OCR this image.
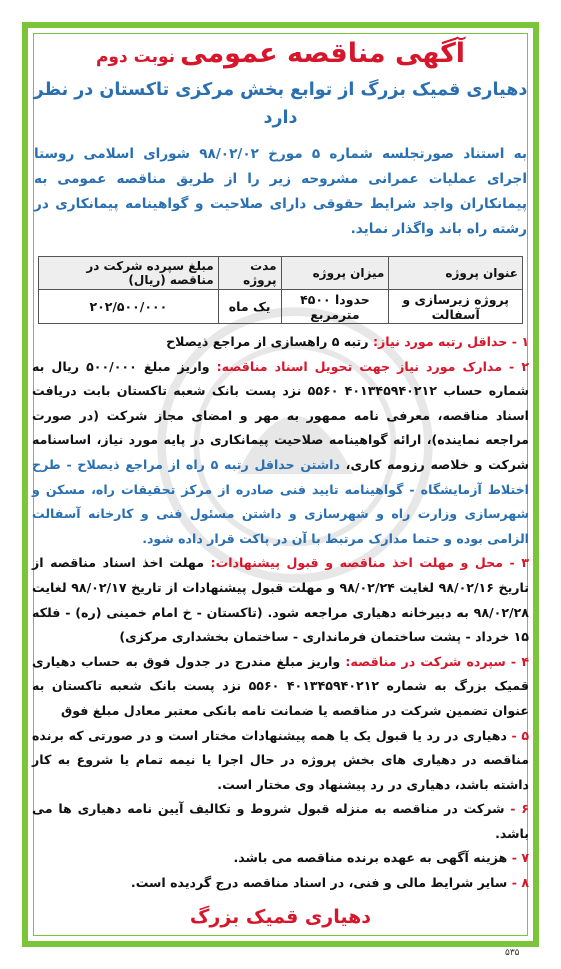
آگهی مناقصه عمومی نوبت دوم
دهیاری قمیک بزرگ از توابع بخش مرکزی تاکستان در نظر دارد
به استناد صورتجلسه شماره ۵ مورخ ۹۸/۰۲/۰۲ شورای اسلامی روستا اجرای عملیات عمرانی مشروحه زیر را از طریق مناقصه عمومی به پیمانکاران واجد شرایط حقوقی دارای صلاحیت و گواهینامه پیمانکاری در رشته راه باند واگذار نماید.
عنوان پروژه	میزان پروژه	مدت پروژه	مبلغ سپرده شرکت در مناقصه (ریال)
پروژه زیرسازی و آسفالت	حدودا ۴۵۰۰ مترمربع	یک ماه	۲۰۲/۵۰۰/۰۰۰

۱ - حداقل رتبه مورد نیاز: رتبه ۵ راهسازی از مراجع ذیصلاح

۲ - مدارک مورد نیاز جهت تحویل اسناد مناقصه: واریز مبلغ ۵۰۰/۰۰۰ ریال به شماره حساب ۴۰۱۳۴۵۹۴۰۲۱۲ ۵۵۶۰ نزد پست بانک شعبه تاکستان بابت دریافت اسناد مناقصه، معرفی نامه ممهور به مهر و امضای مجاز شرکت (در صورت مراجعه نماینده)، ارائه گواهینامه صلاحیت پیمانکاری در پایه مورد نیاز، اساسنامه شرکت و خلاصه رزومه کاری، داشتن حداقل رتبه ۵ راه از مراجع ذیصلاح - طرح اختلاط آزمایشگاه - گواهینامه تایید فنی صادره از مرکز تحقیقات راه، مسکن و شهرسازی وزارت راه و شهرسازی و داشتن مسئول فنی و کارخانه آسفالت الزامی بوده و حتما مدارک مرتبط با آن در پاکت قرار داده شود.

۳ - محل و مهلت اخذ مناقصه و قبول پیشنهادات: مهلت اخذ اسناد مناقصه از تاریخ ۹۸/۰۲/۱۶ لغایت ۹۸/۰۲/۲۴ و مهلت قبول پیشنهادات از تاریخ ۹۸/۰۲/۱۷ لغایت ۹۸/۰۲/۲۸ به دبیرخانه دهیاری مراجعه شود. (تاکستان - خ امام خمینی (ره) - فلکه ۱۵ خرداد - پشت ساختمان فرمانداری - ساختمان بخشداری مرکزی)

۴ - سپرده شرکت در مناقصه: واریز مبلغ مندرج در جدول فوق به حساب دهیاری قمیک بزرگ به شماره ۴۰۱۳۴۵۹۴۰۲۱۲ ۵۵۶۰ نزد پست بانک شعبه تاکستان به عنوان تضمین شرکت در مناقصه یا ضمانت نامه بانکی معتبر معادل مبلغ فوق

۵ - دهیاری در رد یا قبول یک یا همه پیشنهادات مختار است و در صورتی که برنده مناقصه در دهیاری های بخش پروژه در حال اجرا یا نیمه تمام یا شروع به کار داشته باشد، دهیاری در رد پیشنهاد وی مختار است.

۶ - شرکت در مناقصه به منزله قبول شروط و تکالیف آیین نامه دهیاری ها می باشد.

۷ - هزینه آگهی به عهده برنده مناقصه می باشد.

۸ - سایر شرایط مالی و فنی، در اسناد مناقصه درج گردیده است.

دهیاری قمیک بزرگ
۵۳۵
